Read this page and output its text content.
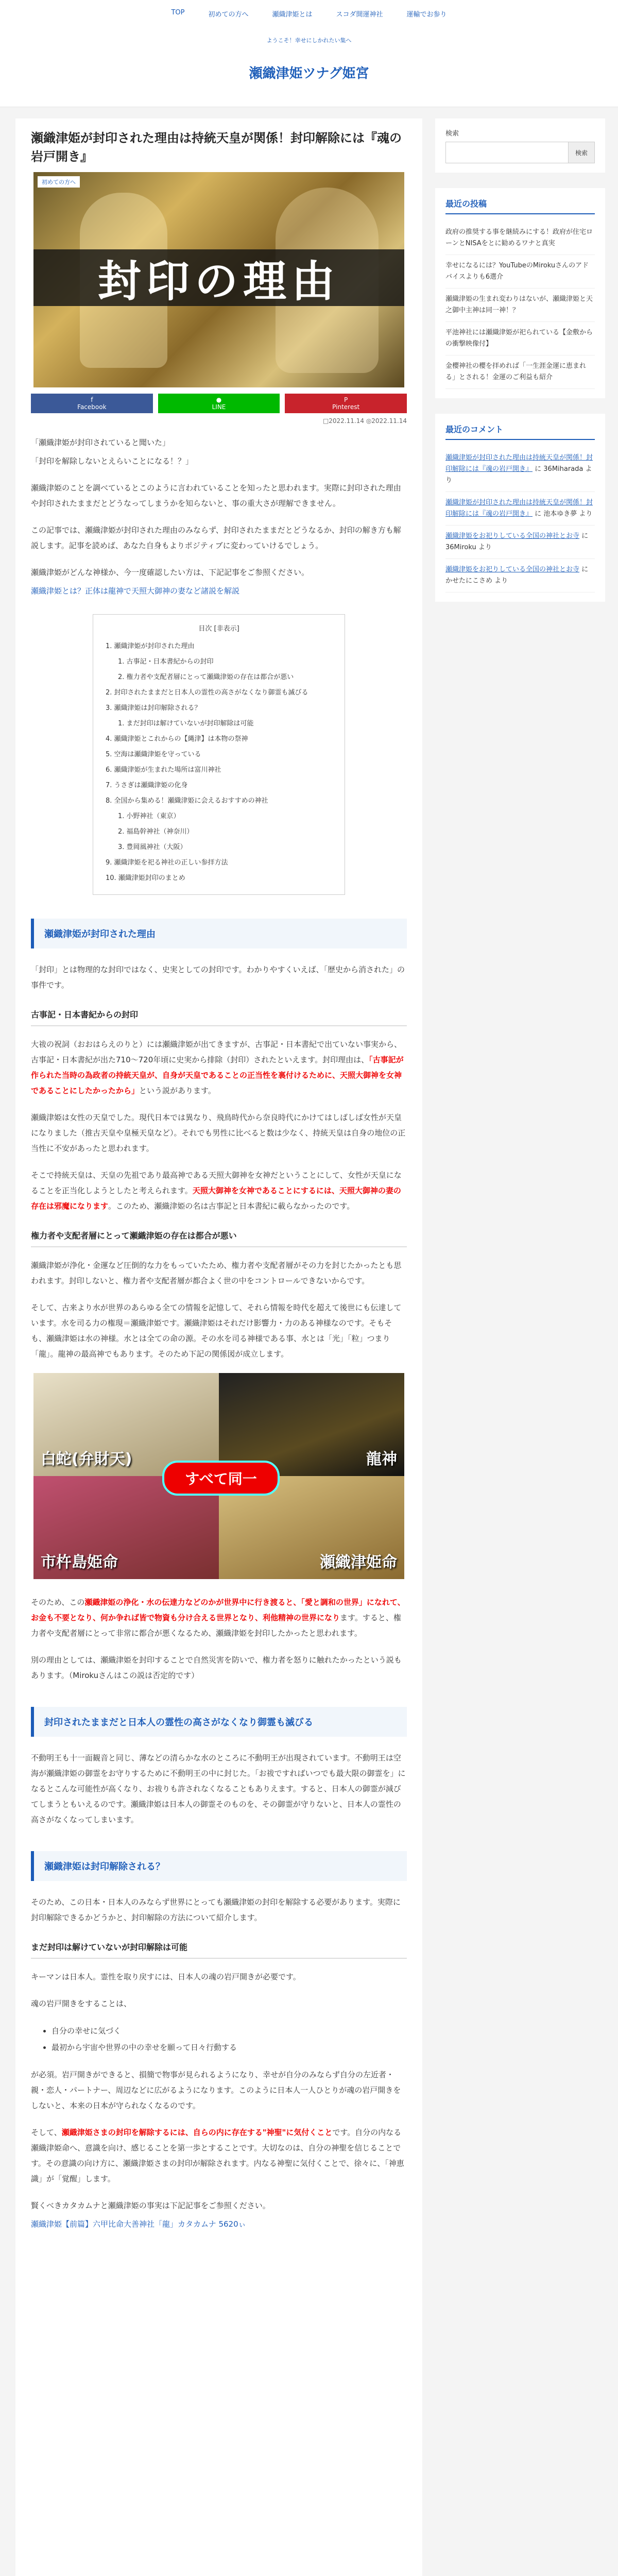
TOP	初めての方へ	瀬織津姫とは	スコダ開運神社	運輸でお参り
ようこそ！幸せにしかれたい集へ
瀬織津姫ツナグ姫宮
瀬織津姫が封印された理由は持統天皇が関係！封印解除には『魂の岩戸開き』
初めての方へ
封印の理由
f
Facebook
●
LINE
P
Pinterest
□2022.11.14 ◎2022.11.14

「瀬織津姫が封印されていると聞いた」

「封印を解除しないとえらいことになる！？」

瀬織津姫のことを調べているとこのように言われていることを知ったと思われます。実際に封印された理由や封印されたままだとどうなってしまうかを知らないと、事の重大さが理解できません。

この記事では、瀬織津姫が封印された理由のみならず、封印されたままだとどうなるか、封印の解き方も解説します。記事を読めば、あなた自身もよりポジティブに変わっていけるでしょう。

瀬織津姫がどんな神様か、今一度確認したい方は、下記記事をご参照ください。

瀬織津姫とは？正体は龍神で天照大御神の妻など諸説を解説

目次 [非表示]
1. 瀬織津姫が封印された理由
1. 古事記・日本書紀からの封印
2. 権力者や支配者層にとって瀬織津姫の存在は都合が悪い
2. 封印されたままだと日本人の霊性の高さがなくなり御霊も滅びる
3. 瀬織津姫は封印解除される？
1. まだ封印は解けていないが封印解除は可能
4. 瀬織津姫とこれからの【縄津】は本物の祭神
5. 空海は瀬織津姫を守っている
6. 瀬織津姫が生まれた場所は富川神社
7. うさぎは瀬織津姫の化身
8. 全国から集める！瀬織津姫に会えるおすすめの神社
1. 小野神社（東京）
2. 福島幹神社（神奈川）
3. 豊岡風神社（大阪）
9. 瀬織津姫を祀る神社の正しい参拝方法
10. 瀬織津姫封印のまとめ
瀬織津姫が封印された理由

「封印」とは物理的な封印ではなく、史実としての封印です。わかりやすくいえば、「歴史から消された」の事件です。

古事記・日本書紀からの封印

大祓の祝詞（おおはらえのりと）には瀬織津姫が出てきますが、古事記・日本書紀で出ていない事実から、古事記・日本書紀が出た710〜720年頃に史実から排除（封印）されたといえます。封印理由は、「古事記が作られた当時の為政者の持統天皇が、自身が天皇であることの正当性を裏付けるために、天照大御神を女神であることにしたかったから」という説があります。

瀬織津姫は女性の天皇でした。現代日本では異なり、飛鳥時代から奈良時代にかけてはしばしば女性が天皇になりました（推古天皇や皇極天皇など）。それでも男性に比べると数は少なく、持統天皇は自身の地位の正当性に不安があったと思われます。

そこで持統天皇は、天皇の先祖であり最高神である天照大御神を女神だということにして、女性が天皇になることを正当化しようとしたと考えられます。天照大御神を女神であることにするには、天照大御神の妻の存在は邪魔になります。このため、瀬織津姫の名は古事記と日本書紀に載らなかったのです。

権力者や支配者層にとって瀬織津姫の存在は都合が悪い

瀬織津姫が浄化・金運など圧倒的な力をもっていたため、権力者や支配者層がその力を封じたかったとも思われます。封印しないと、権力者や支配者層が都合よく世の中をコントロールできないからです。

そして、古来より水が世界のあらゆる全ての情報を記憶して、それら情報を時代を超えて後世にも伝達しています。水を司る力の権現＝瀬織津姫です。瀬織津姫はそれだけ影響力・力のある神様なのです。そもそも、瀬織津姫は水の神様。水とは全ての命の源。その水を司る神様である事、水とは「光」「粒」つまり「龍」。龍神の最高神でもあります。そのため下記の関係図が成立します。

白蛇(弁財天)	龍神
市杵島姫命	瀬織津姫命
すべて同一

そのため、この瀬織津姫の浄化・水の伝達力などのかが世界中に行き渡ると、「愛と調和の世界」になれて、お金も不要となり、何か争れば皆で物資も分け合える世界となり、利他精神の世界になります。すると、権力者や支配者層にとって非常に都合が悪くなるため、瀬織津姫を封印したかったと思われます。

別の理由としては、瀬織津姫を封印することで自然災害を防いで、権力者を怒りに触れたかったという説もあります。（Mirokuさんはこの説は否定的です）

封印されたままだと日本人の霊性の高さがなくなり御霊も滅びる

不動明王も十一面観音と同じ、薄などの清らかな水のところに不動明王が出現されています。不動明王は空海が瀬織津姫の御霊をお守りするために不動明王の中に封じた。「お祓ですればいつでも最大限の御霊を」になるとこんな可能性が高くなり、お祓りも許されなくなることもありえます。すると、日本人の御霊が減びてしまうともいえるのです。瀬織津姫は日本人の御霊そのものを、その御霊が守りないと、日本人の霊性の高さがなくなってしまいます。

瀬織津姫は封印解除される？

そのため、この日本・日本人のみならず世界にとっても瀬織津姫の封印を解除する必要があります。実際に封印解除できるかどうかと、封印解除の方法について紹介します。

まだ封印は解けていないが封印解除は可能

キーマンは日本人。霊性を取り戻すには、日本人の魂の岩戸開きが必要です。

魂の岩戸開きをすることは、

• 自分の幸せに気づく
• 最初から宇宙や世界の中の幸せを願って日々行動する

が必須。岩戸開きができると、損簡で物事が見られるようになり、幸せが自分のみならず自分の左近者・親・恋人・パートナー、周辺などに広がるようになります。このように日本人一人ひとりが魂の岩戸開きをしないと、本来の日本が守られなくなるのです。

そして、瀬織津姫さまの封印を解除するには、自らの内に存在する"神聖"に気付くことです。自分の内なる瀬織津姫命へ、意識を向け、感じることを第一歩とすることです。大切なのは、自分の神聖を信じることです。その意識の向け方に、瀬織津姫さまの封印が解除されます。内なる神聖に気付くことで、徐々に、「神恵識」が「覚醒」します。

賢くべきカタカムナと瀬織津姫の事実は下記記事をご参照ください。

瀬織津姫【前篇】六甲比命大善神社「龍」カタカムナ 5620ぃ

検索
検索
最近の投稿
政府の推奨する事を継続みにする！政府が住宅ローンとNISAをとに勧めるワナと真実
幸せになるには？YouTubeのMirokuさんのアドバイスよりも6選介
瀬織津姫の生まれ変わりはないが、瀬織津姫と天之御中主神は同一神！？
平池神社には瀬織津姫が祀られている【金敷からの衝撃映像付】
金櫻神社の櫻を拝めれば「一生涯金運に恵まれる」とされる！金運のご利益も紹介
最近のコメント
瀬織津姫が封印された理由は持統天皇が関係！封印解除には『魂の岩戸開き』 に 36Miharada より
瀬織津姫が封印された理由は持統天皇が関係！封印解除には『魂の岩戸開き』 に 池本ゆき夢 より
瀬織津姫をお祀りしている全国の神社とお寺 に 36Miroku より
瀬織津姫をお祀りしている全国の神社とお寺 に かせたにこさめ より
